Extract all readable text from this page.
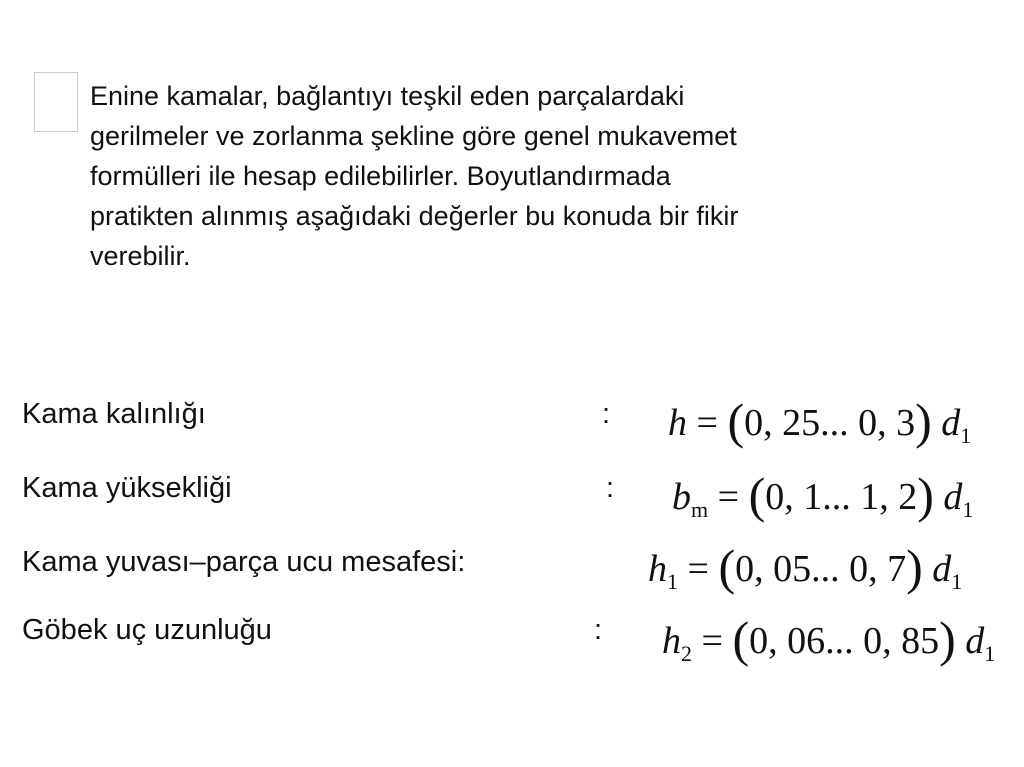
Enine kamalar, bağlantıyı teşkil eden parçalardaki
gerilmeler ve zorlanma şekline göre genel mukavemet
formülleri ile hesap edilebilirler. Boyutlandırmada
pratikten alınmış aşağıdaki değerler bu konuda bir fikir
verebilir.
Kama kalınlığı	: h = (0, 25... 0, 3) $d_1$
Kama yüksekliği	: $b_m = (0$, 1... 1, 2) $d_1$
Kama yuvası–parça ucu mesafesi:	$h_1 = (0$, 05... 0, 7) $d_1$
Göbek uç uzunluğu	: $h_2 = (0$, 06... 0, 85) $d_1$
